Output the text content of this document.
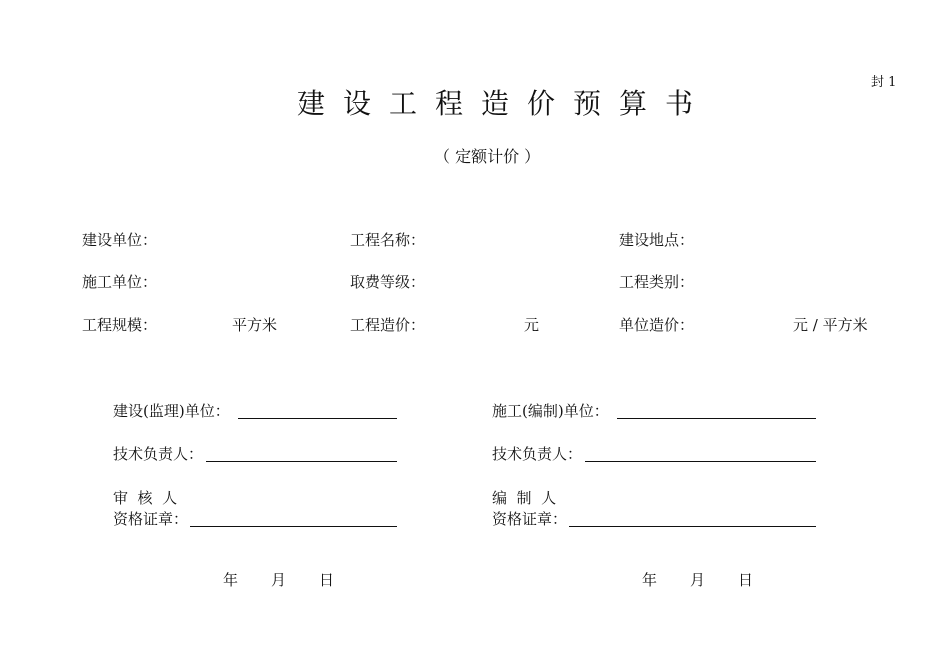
封 1
建设工程造价预算书
（ 定额计价 ）
建设单位：	工程名称：	建设地点：
施工单位：	取费等级：	工程类别：
工程规模：	平方米	工程造价：	元	单位造价：	元 / 平方米
建设(监理)单位：
技术负责人：
审  核  人
资格证章：
年 月 日
施工(编制)单位：
技术负责人：
编  制  人
资格证章：
年 月 日
